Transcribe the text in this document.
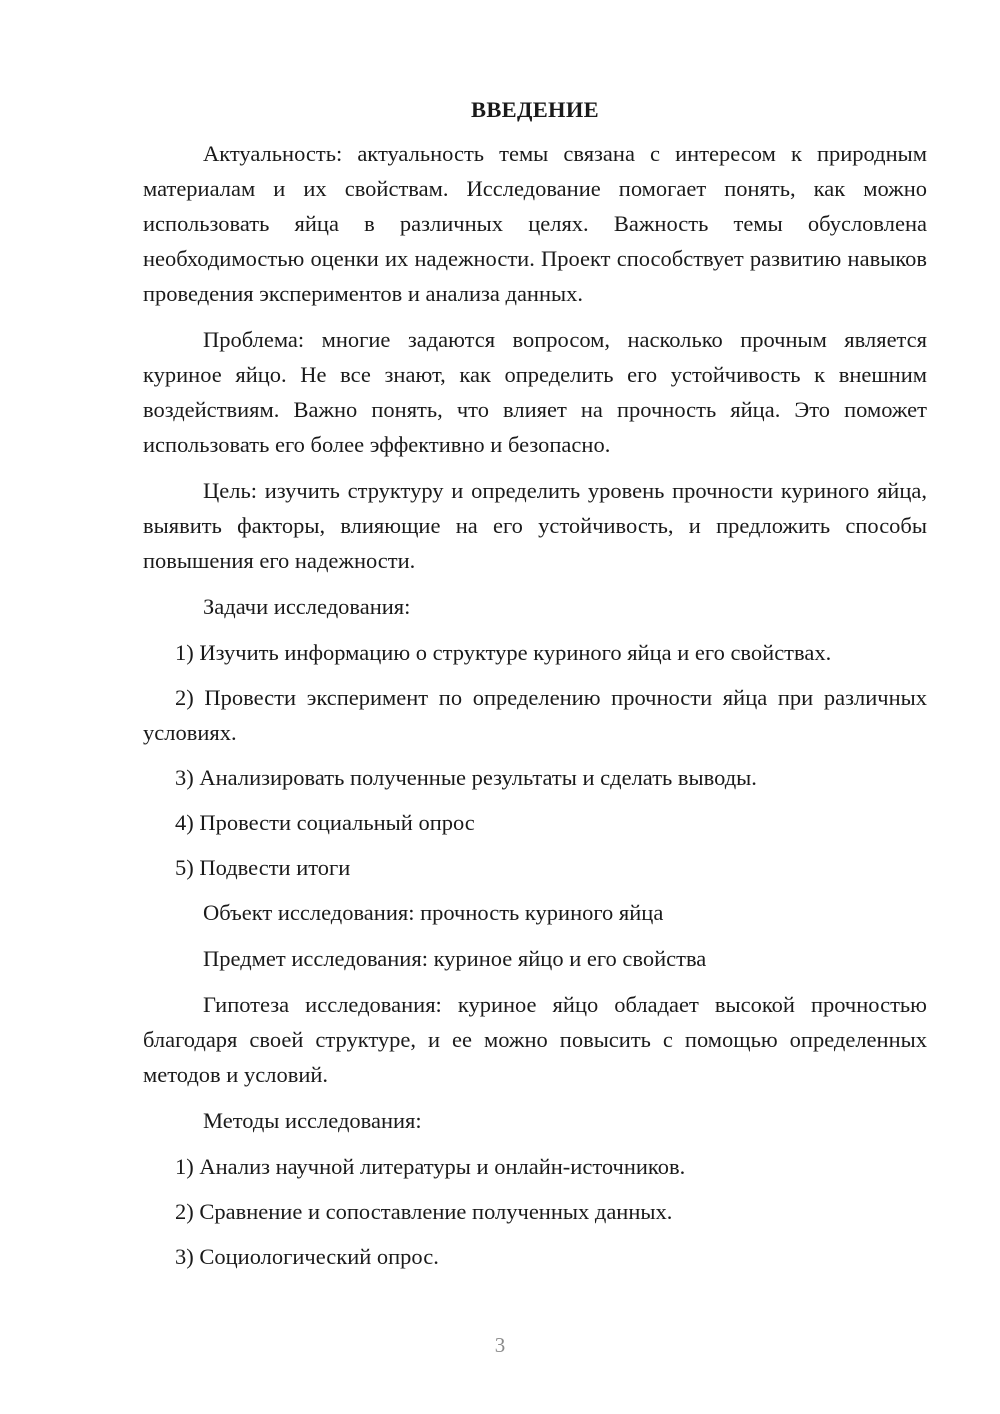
ВВЕДЕНИЕ

Актуальность: актуальность темы связана с интересом к природным материалам и их свойствам. Исследование помогает понять, как можно использовать яйца в различных целях. Важность темы обусловлена необходимостью оценки их надежности. Проект способствует развитию навыков проведения экспериментов и анализа данных.

Проблема: многие задаются вопросом, насколько прочным является куриное яйцо. Не все знают, как определить его устойчивость к внешним воздействиям. Важно понять, что влияет на прочность яйца. Это поможет использовать его более эффективно и безопасно.

Цель: изучить структуру и определить уровень прочности куриного яйца, выявить факторы, влияющие на его устойчивость, и предложить способы повышения его надежности.

Задачи исследования:

1) Изучить информацию о структуре куриного яйца и его свойствах.

2) Провести эксперимент по определению прочности яйца при различных условиях.

3) Анализировать полученные результаты и сделать выводы.

4) Провести социальный опрос

5) Подвести итоги

Объект исследования: прочность куриного яйца

Предмет исследования: куриное яйцо и его свойства

Гипотеза исследования: куриное яйцо обладает высокой прочностью благодаря своей структуре, и ее можно повысить с помощью определенных методов и условий.

Методы исследования:

1) Анализ научной литературы и онлайн-источников.

2) Сравнение и сопоставление полученных данных.

3) Социологический опрос.

3
